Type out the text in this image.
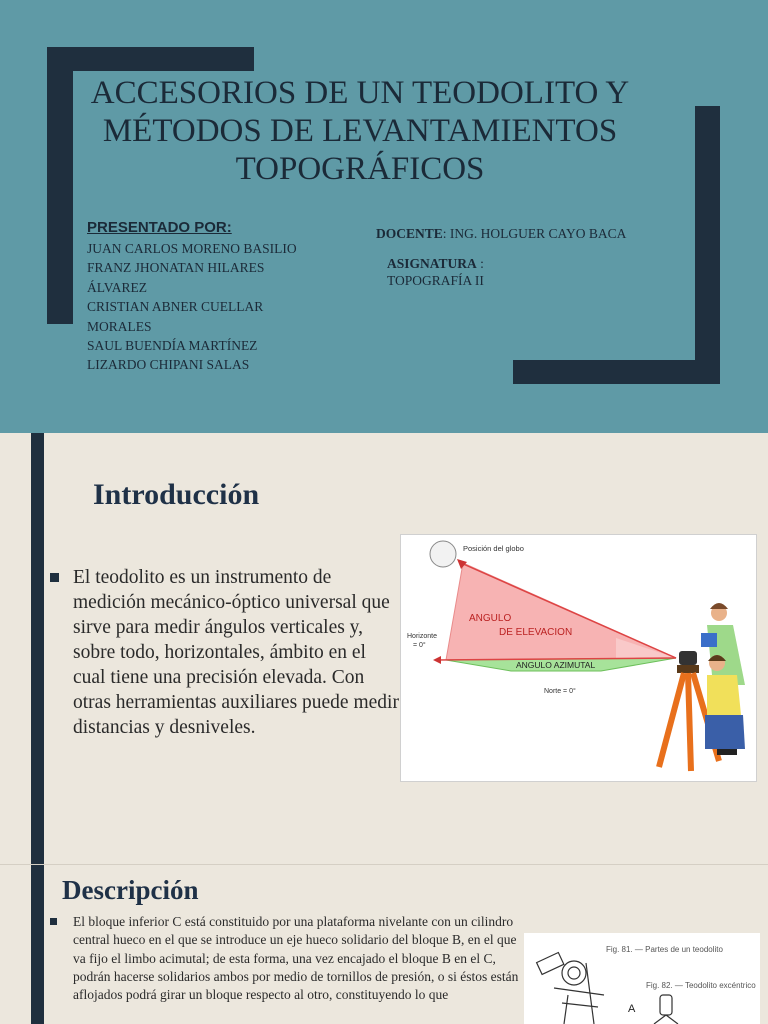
ACCESORIOS DE UN TEODOLITO Y MÉTODOS DE LEVANTAMIENTOS TOPOGRÁFICOS
PRESENTADO POR:
JUAN CARLOS MORENO BASILIO
FRANZ JHONATAN HILARES
ÁLVAREZ
CRISTIAN ABNER CUELLAR
MORALES
SAUL BUENDÍA MARTÍNEZ
LIZARDO CHIPANI SALAS
DOCENTE: ING. HOLGUER CAYO BACA
ASIGNATURA :
TOPOGRAFÍA II
Introducción
El teodolito es un instrumento de medición mecánico-óptico universal que sirve para medir ángulos verticales y, sobre todo, horizontales, ámbito en el cual tiene una precisión elevada. Con otras herramientas auxiliares puede medir distancias y desniveles.
Posición del globo
Horizonte
= 0°
ANGULO
DE ELEVACION
ANGULO AZIMUTAL
Norte = 0°
Descripción
El bloque inferior C está constituido por una plataforma nivelante con un cilindro central hueco en el que se introduce un eje hueco solidario del bloque B, en el que va fijo el limbo acimutal; de esta forma, una vez encajado el bloque B en el C, podrán hacerse solidarios ambos por medio de tornillos de presión, o si éstos están aflojados podrá girar un bloque respecto al otro, constituyendo lo que
Fig. 81. — Partes de un teodolito
Fig. 82. — Teodolito excéntrico
A
